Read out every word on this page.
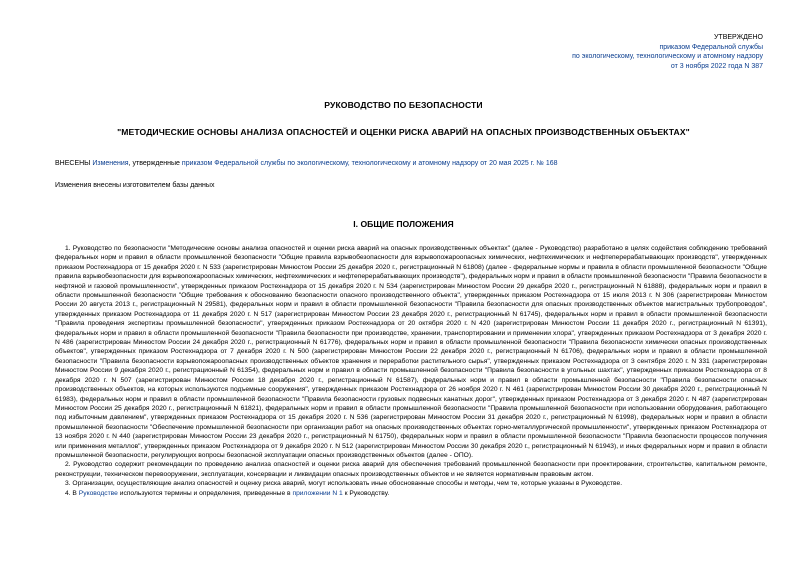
УТВЕРЖДЕНО
приказом Федеральной службы
по экологическому, технологическому и атомному надзору
от 3 ноября 2022 года N 387
РУКОВОДСТВО ПО БЕЗОПАСНОСТИ
"МЕТОДИЧЕСКИЕ ОСНОВЫ АНАЛИЗА ОПАСНОСТЕЙ И ОЦЕНКИ РИСКА АВАРИЙ НА ОПАСНЫХ ПРОИЗВОДСТВЕННЫХ ОБЪЕКТАХ"
ВНЕСЕНЫ Изменения, утвержденные приказом Федеральной службы по экологическому, технологическому и атомному надзору от 20 мая 2025 г. № 168
Изменения внесены изготовителем базы данных
I. ОБЩИЕ ПОЛОЖЕНИЯ

1. Руководство по безопасности "Методические основы анализа опасностей и оценки риска аварий на опасных производственных объектах" (далее - Руководство) разработано в целях содействия соблюдению требований федеральных норм и правил в области промышленной безопасности "Общие правила взрывобезопасности для взрывопожароопасных химических, нефтехимических и нефтеперерабатывающих производств", утвержденных приказом Ростехнадзора от 15 декабря 2020 г. N 533 (зарегистрирован Минюстом России 25 декабря 2020 г., регистрационный N 61808) (далее - федеральные нормы и правила в области промышленной безопасности "Общие правила взрывобезопасности для взрывопожароопасных химических, нефтехимических и нефтеперерабатывающих производств"), федеральных норм и правил в области промышленной безопасности "Правила безопасности в нефтяной и газовой промышленности", утвержденных приказом Ростехнадзора от 15 декабря 2020 г. N 534 (зарегистрирован Минюстом России 29 декабря 2020 г., регистрационный N 61888), федеральных норм и правил в области промышленной безопасности "Общие требования к обоснованию безопасности опасного производственного объекта", утвержденных приказом Ростехнадзора от 15 июля 2013 г. N 306 (зарегистрирован Минюстом России 20 августа 2013 г., регистрационный N 29581), федеральных норм и правил в области промышленной безопасности "Правила безопасности для опасных производственных объектов магистральных трубопроводов", утвержденных приказом Ростехнадзора от 11 декабря 2020 г. N 517 (зарегистрирован Минюстом России 23 декабря 2020 г., регистрационный N 61745), федеральных норм и правил в области промышленной безопасности "Правила проведения экспертизы промышленной безопасности", утвержденных приказом Ростехнадзора от 20 октября 2020 г. N 420 (зарегистрирован Минюстом России 11 декабря 2020 г., регистрационный N 61391), федеральных норм и правил в области промышленной безопасности "Правила безопасности при производстве, хранении, транспортировании и применении хлора", утвержденных приказом Ростехнадзора от 3 декабря 2020 г. N 486 (зарегистрирован Минюстом России 24 декабря 2020 г., регистрационный N 61776), федеральных норм и правил в области промышленной безопасности "Правила безопасности химически опасных производственных объектов", утвержденных приказом Ростехнадзора от 7 декабря 2020 г. N 500 (зарегистрирован Минюстом России 22 декабря 2020 г., регистрационный N 61706), федеральных норм и правил в области промышленной безопасности "Правила безопасности взрывопожароопасных производственных объектов хранения и переработки растительного сырья", утвержденных приказом Ростехнадзора от 3 сентября 2020 г. N 331 (зарегистрирован Минюстом России 9 декабря 2020 г., регистрационный N 61354), федеральных норм и правил в области промышленной безопасности "Правила безопасности в угольных шахтах", утвержденных приказом Ростехнадзора от 8 декабря 2020 г. N 507 (зарегистрирован Минюстом России 18 декабря 2020 г., регистрационный N 61587), федеральных норм и правил в области промышленной безопасности "Правила безопасности опасных производственных объектов, на которых используются подъемные сооружения", утвержденных приказом Ростехнадзора от 26 ноября 2020 г. N 461 (зарегистрирован Минюстом России 30 декабря 2020 г., регистрационный N 61983), федеральных норм и правил в области промышленной безопасности "Правила безопасности грузовых подвесных канатных дорог", утвержденных приказом Ростехнадзора от 3 декабря 2020 г. N 487 (зарегистрирован Минюстом России 25 декабря 2020 г., регистрационный N 61821), федеральных норм и правил в области промышленной безопасности "Правила промышленной безопасности при использовании оборудования, работающего под избыточным давлением", утвержденных приказом Ростехнадзора от 15 декабря 2020 г. N 536 (зарегистрирован Минюстом России 31 декабря 2020 г., регистрационный N 61998), федеральных норм и правил в области промышленной безопасности "Обеспечение промышленной безопасности при организации работ на опасных производственных объектах горно-металлургической промышленности", утвержденных приказом Ростехнадзора от 13 ноября 2020 г. N 440 (зарегистрирован Минюстом России 23 декабря 2020 г., регистрационный N 61750), федеральных норм и правил в области промышленной безопасности "Правила безопасности процессов получения или применения металлов", утвержденных приказом Ростехнадзора от 9 декабря 2020 г. N 512 (зарегистрирован Минюстом России 30 декабря 2020 г., регистрационный N 61943), и иных федеральных норм и правил в области промышленной безопасности, регулирующих вопросы безопасной эксплуатации опасных производственных объектов (далее - ОПО).

2. Руководство содержит рекомендации по проведению анализа опасностей и оценки риска аварий для обеспечения требований промышленной безопасности при проектировании, строительстве, капитальном ремонте, реконструкции, техническом перевооружении, эксплуатации, консервации и ликвидации опасных производственных объектов и не является нормативным правовым актом.

3. Организации, осуществляющие анализ опасностей и оценку риска аварий, могут использовать иные обоснованные способы и методы, чем те, которые указаны в Руководстве.

4. В Руководстве используются термины и определения, приведенные в приложении N 1 к Руководству.
